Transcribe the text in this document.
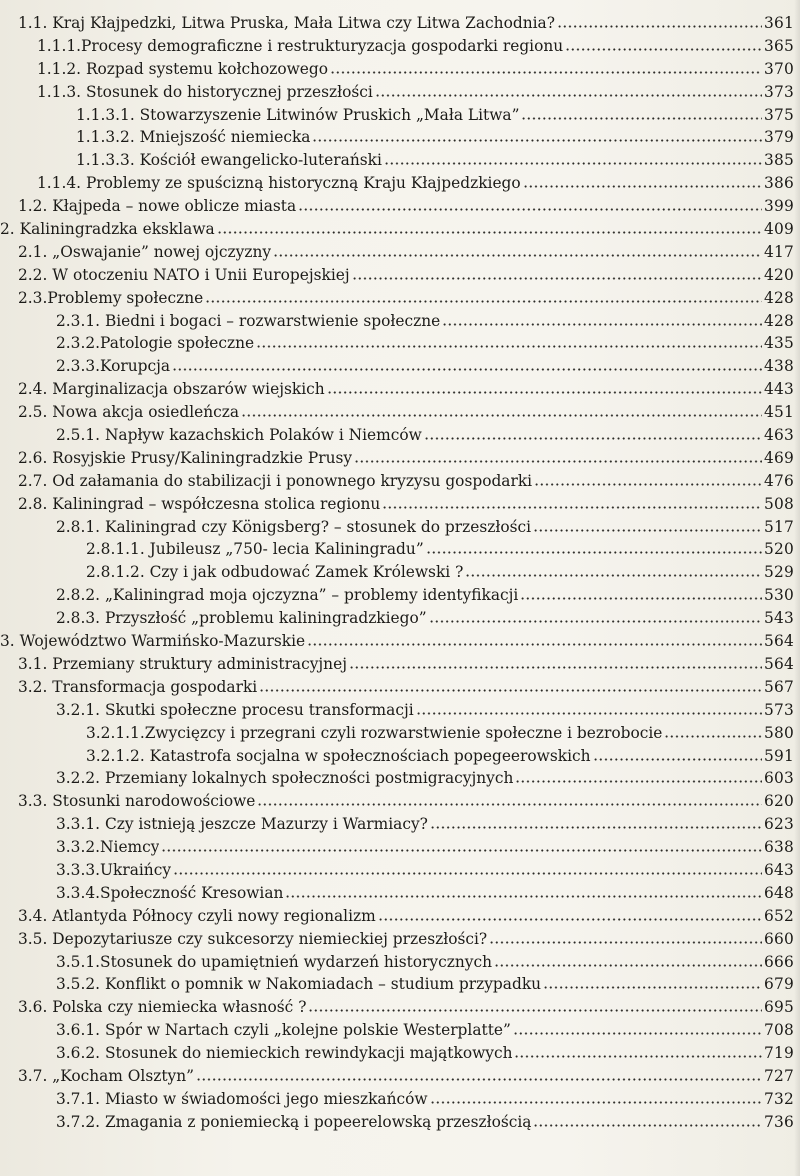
1.1. Kraj Kłajpedzki, Litwa Pruska, Mała Litwa czy Litwa Zachodnia?	361
1.1.1.Procesy demograficzne i restrukturyzacja gospodarki regionu	365
1.1.2. Rozpad systemu kołchozowego	370
1.1.3. Stosunek do historycznej przeszłości	373
1.1.3.1. Stowarzyszenie Litwinów Pruskich „Mała Litwa”	375
1.1.3.2. Mniejszość niemiecka	379
1.1.3.3. Kościół ewangelicko-luterański	385
1.1.4. Problemy ze spuścizną historyczną Kraju Kłajpedzkiego	386
1.2. Kłajpeda – nowe oblicze miasta	399
2. Kaliningradzka eksklawa	409
2.1. „Oswajanie” nowej ojczyzny	417
2.2. W otoczeniu NATO i Unii Europejskiej	420
2.3.Problemy społeczne	428
2.3.1. Biedni i bogaci – rozwarstwienie społeczne	428
2.3.2.Patologie społeczne	435
2.3.3.Korupcja	438
2.4. Marginalizacja obszarów wiejskich	443
2.5. Nowa akcja osiedleńcza	451
2.5.1. Napływ kazachskich Polaków i Niemców	463
2.6. Rosyjskie Prusy/Kaliningradzkie Prusy	469
2.7. Od załamania do stabilizacji i ponownego kryzysu gospodarki	476
2.8. Kaliningrad – współczesna stolica regionu	508
2.8.1. Kaliningrad czy Königsberg? – stosunek do przeszłości	517
2.8.1.1. Jubileusz „750- lecia Kaliningradu”	520
2.8.1.2. Czy i jak odbudować Zamek Królewski ?	529
2.8.2. „Kaliningrad moja ojczyzna” – problemy identyfikacji	530
2.8.3. Przyszłość „problemu kaliningradzkiego”	543
3. Województwo Warmińsko-Mazurskie	564
3.1. Przemiany struktury administracyjnej	564
3.2. Transformacja gospodarki	567
3.2.1. Skutki społeczne procesu transformacji	573
3.2.1.1.Zwycięzcy i przegrani czyli rozwarstwienie społeczne i bezrobocie	580
3.2.1.2. Katastrofa socjalna w społecznościach popegeerowskich	591
3.2.2. Przemiany lokalnych społeczności postmigracyjnych	603
3.3. Stosunki narodowościowe	620
3.3.1. Czy istnieją jeszcze Mazurzy i Warmiacy?	623
3.3.2.Niemcy	638
3.3.3.Ukraińcy	643
3.3.4.Społeczność Kresowian	648
3.4. Atlantyda Północy czyli nowy regionalizm	652
3.5. Depozytariusze czy sukcesorzy niemieckiej przeszłości?	660
3.5.1.Stosunek do upamiętnień wydarzeń historycznych	666
3.5.2. Konflikt o pomnik w Nakomiadach – studium przypadku	679
3.6. Polska czy niemiecka własność ?	695
3.6.1. Spór w Nartach czyli „kolejne polskie Westerplatte”	708
3.6.2. Stosunek do niemieckich rewindykacji majątkowych	719
3.7. „Kocham Olsztyn”	727
3.7.1. Miasto w świadomości jego mieszkańców	732
3.7.2. Zmagania z poniemiecką i popeerelowską przeszłością	736
